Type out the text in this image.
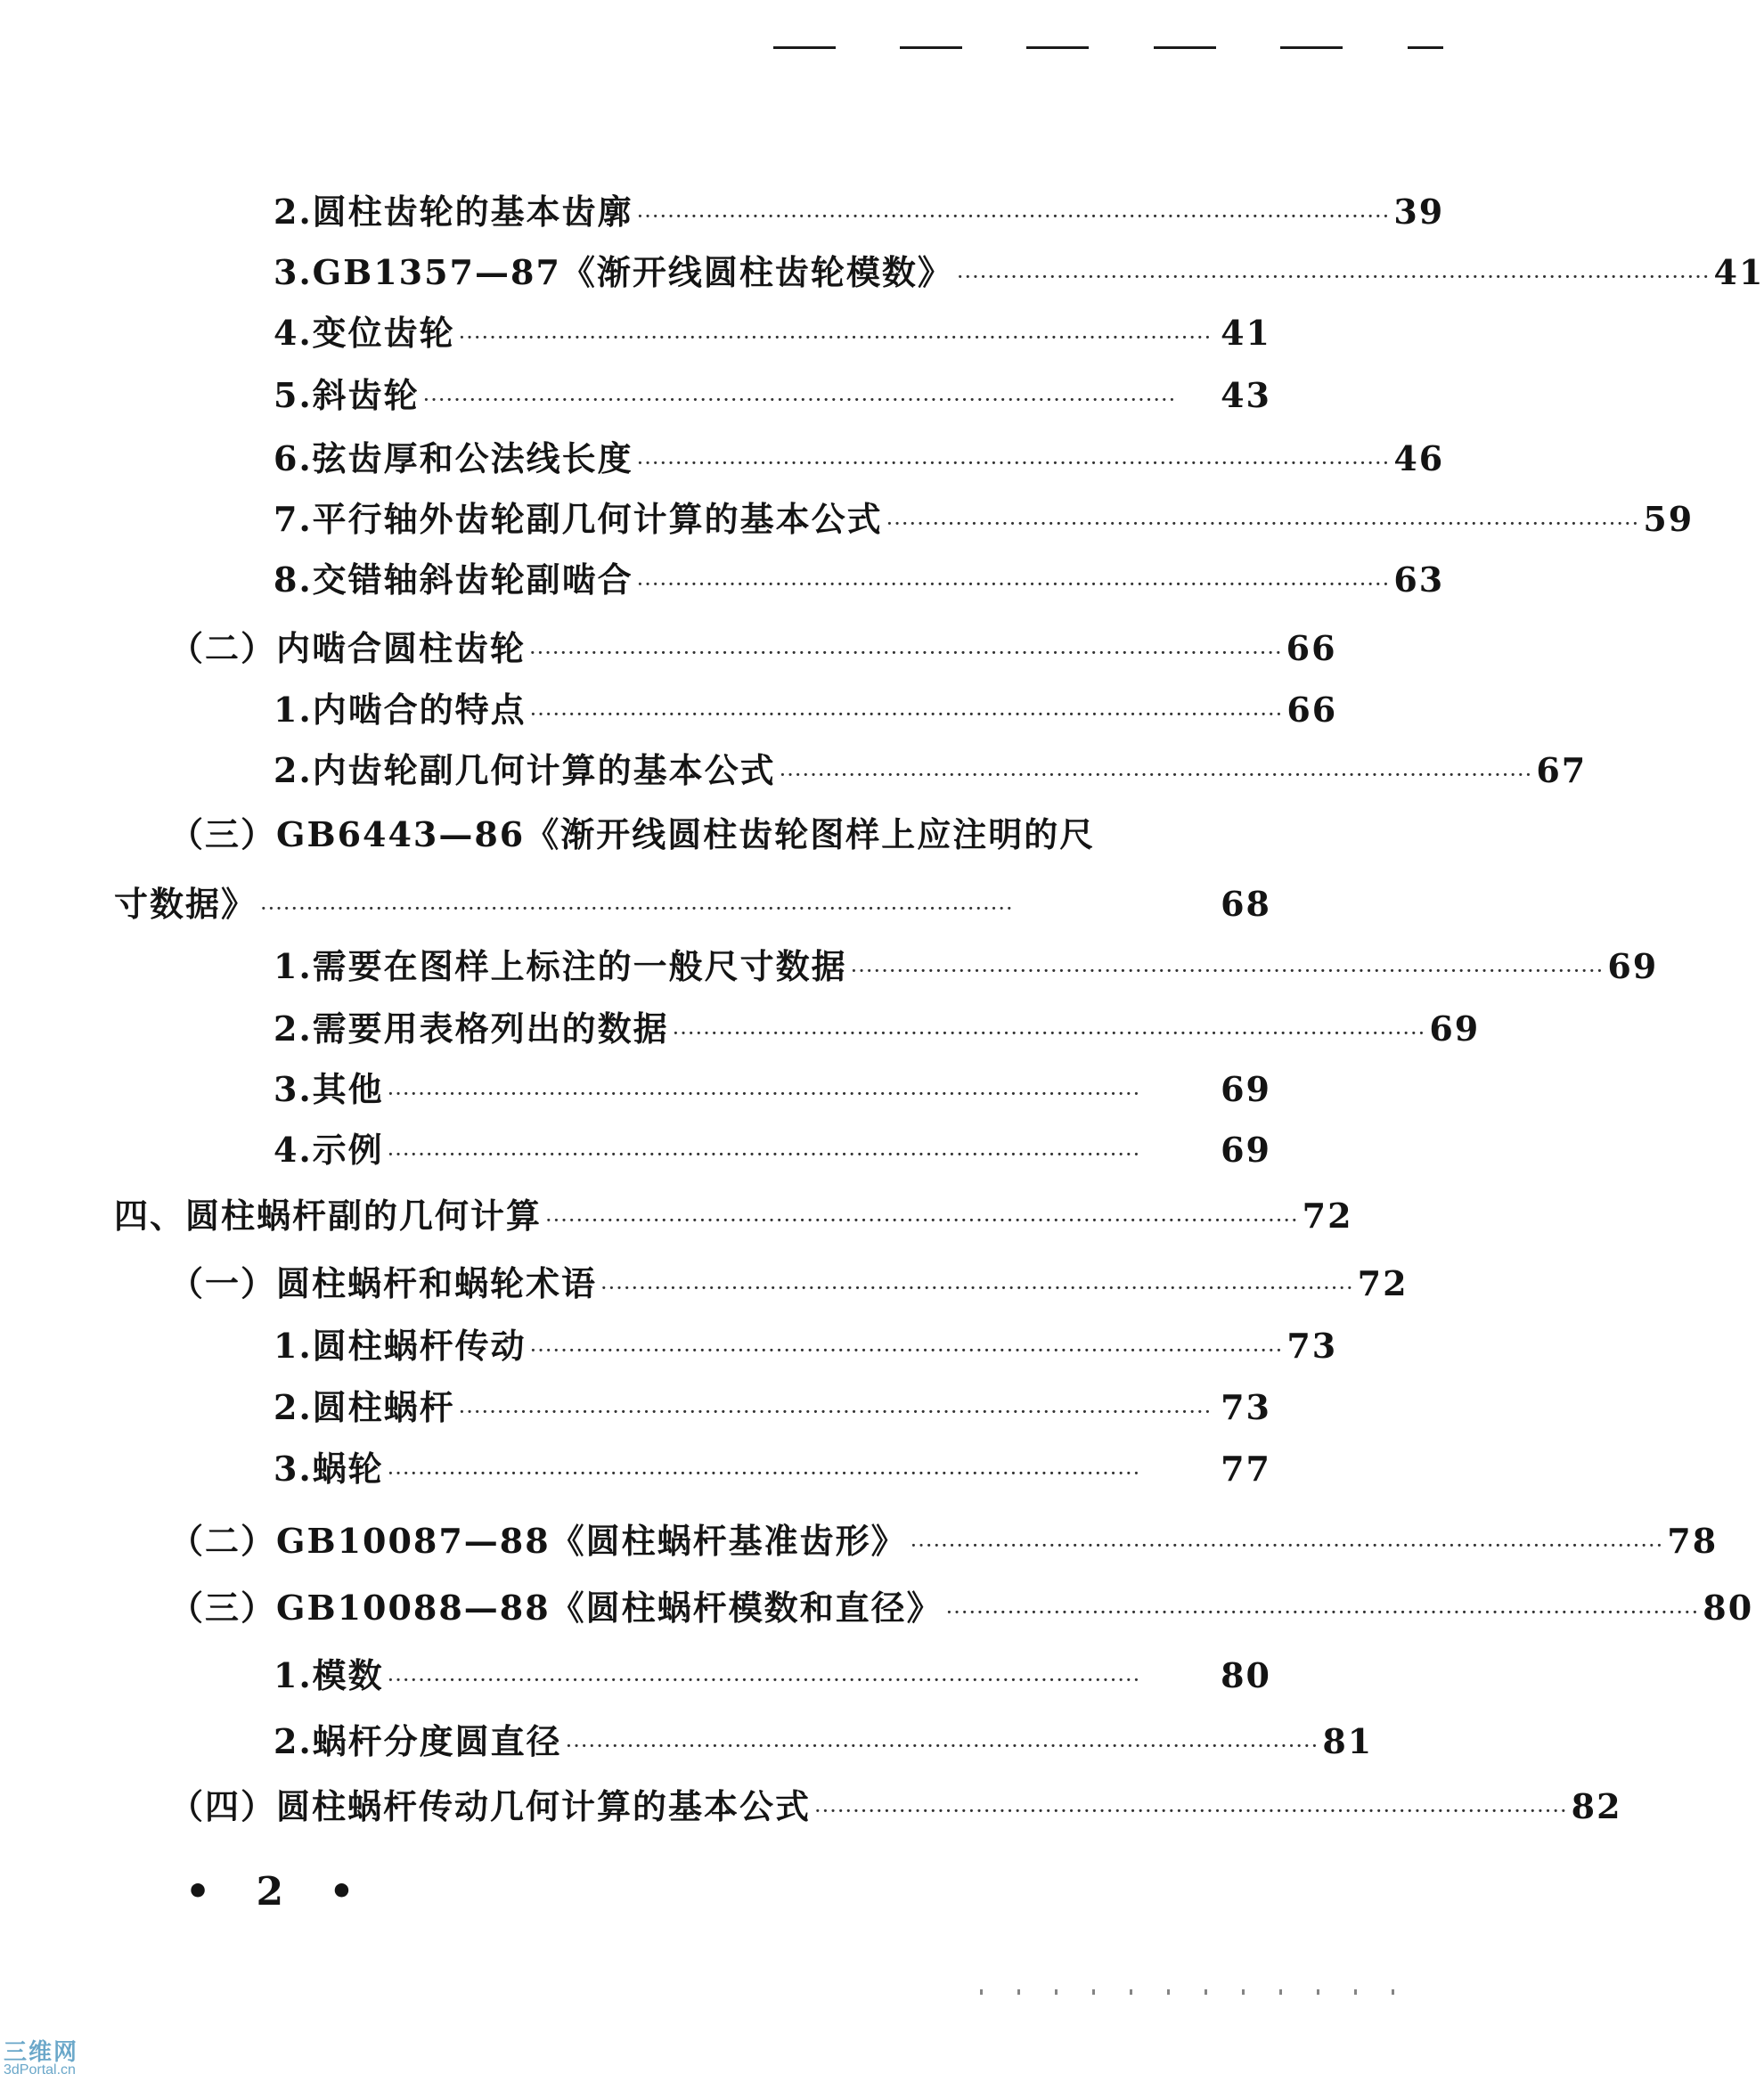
2.圆柱齿轮的基本齿廓 ·································································································· 39
3.GB1357—87《渐开线圆柱齿轮模数》 ·································································································· 41
4.变位齿轮 ·································································································· 41
5.斜齿轮 ··································································································	43
6.弦齿厚和公法线长度 ·································································································· 46
7.平行轴外齿轮副几何计算的基本公式 ·································································································· 59
8.交错轴斜齿轮副啮合 ·································································································· 63
（二）内啮合圆柱齿轮 ·································································································· 66
1.内啮合的特点 ·································································································· 66
2.内齿轮副几何计算的基本公式 ·································································································· 67
（三）GB6443—86《渐开线圆柱齿轮图样上应注明的尺
寸数据》 ··································································································	68
1.需要在图样上标注的一般尺寸数据 ·································································································· 69
2.需要用表格列出的数据 ·································································································· 69
3.其他 ··································································································	69
4.示例 ··································································································	69
四、圆柱蜗杆副的几何计算 ·································································································· 72
（一）圆柱蜗杆和蜗轮术语 ·································································································· 72
1.圆柱蜗杆传动 ·································································································· 73
2.圆柱蜗杆 ·································································································· 73
3.蜗轮 ··································································································	77
（二）GB10087—88《圆柱蜗杆基准齿形》 ·································································································· 78
（三）GB10088—88《圆柱蜗杆模数和直径》 ·································································································· 80
1.模数 ··································································································	80
2.蜗杆分度圆直径 ·································································································· 81
（四）圆柱蜗杆传动几何计算的基本公式 ·································································································· 82
• 2 •
三维网
3dPortal.cn
